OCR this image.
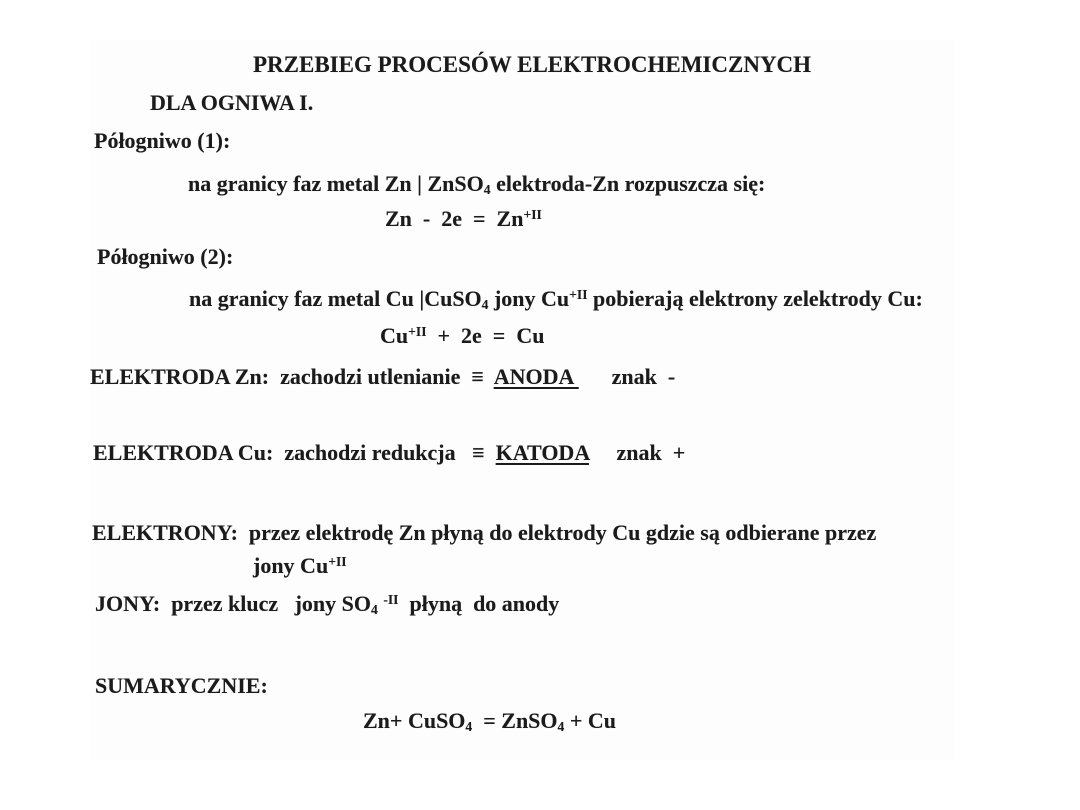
PRZEBIEG PROCESÓW ELEKTROCHEMICZNYCH
DLA OGNIWA I.
Półogniwo (1):
na granicy faz metal Zn | ZnSO4 elektroda-Zn rozpuszcza się:
$Zn - 2e = Zn^{+II}$
Półogniwo (2):
na granicy faz metal Cu |CuSO4 jony $Cu^{+II}$ pobierają elektrony zelektrody Cu:
$Cu^{+II} + 2e = Cu$
ELEKTRODA Zn:  zachodzi utlenianie  ≡  ANODA       znak  -
ELEKTRODA Cu:  zachodzi redukcja   ≡  KATODA     znak  +
ELEKTRONY:  przez elektrodę Zn płyną do elektrody Cu gdzie są odbierane przez
jony $Cu^{+II}$
JONY:  przez klucz   jony SO4 $^{-II}$  płyną  do anody
SUMARYCZNIE:
Zn+ CuSO4  = ZnSO4 + Cu
